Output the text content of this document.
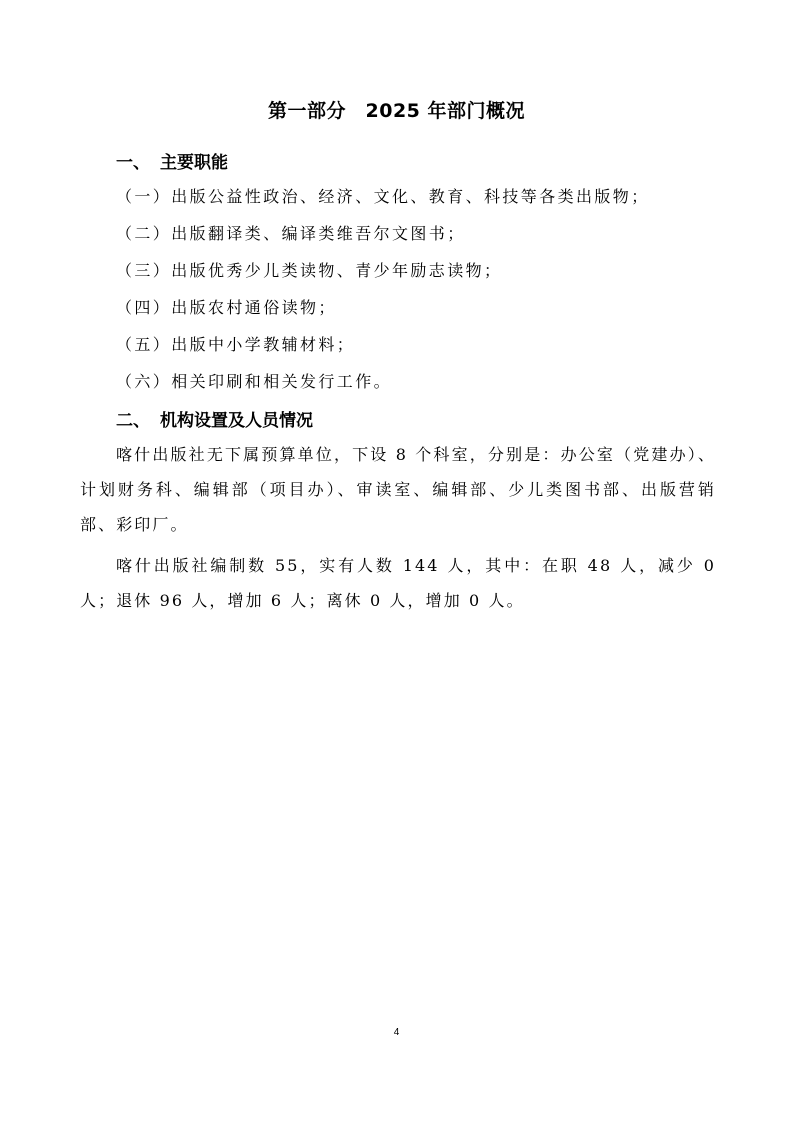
第一部分　2025 年部门概况
一、 主要职能
（一）出版公益性政治、经济、文化、教育、科技等各类出版物；
（二）出版翻译类、编译类维吾尔文图书；
（三）出版优秀少儿类读物、青少年励志读物；
（四）出版农村通俗读物；
（五）出版中小学教辅材料；
（六）相关印刷和相关发行工作。
二、 机构设置及人员情况
喀什出版社无下属预算单位，下设 8 个科室，分别是：办公室（党建办）、计划财务科、编辑部（项目办）、审读室、编辑部、少儿类图书部、出版营销部、彩印厂。
喀什出版社编制数 55，实有人数 144 人，其中：在职 48 人，减少 0 人；退休 96 人，增加 6 人；离休 0 人，增加 0 人。
4
